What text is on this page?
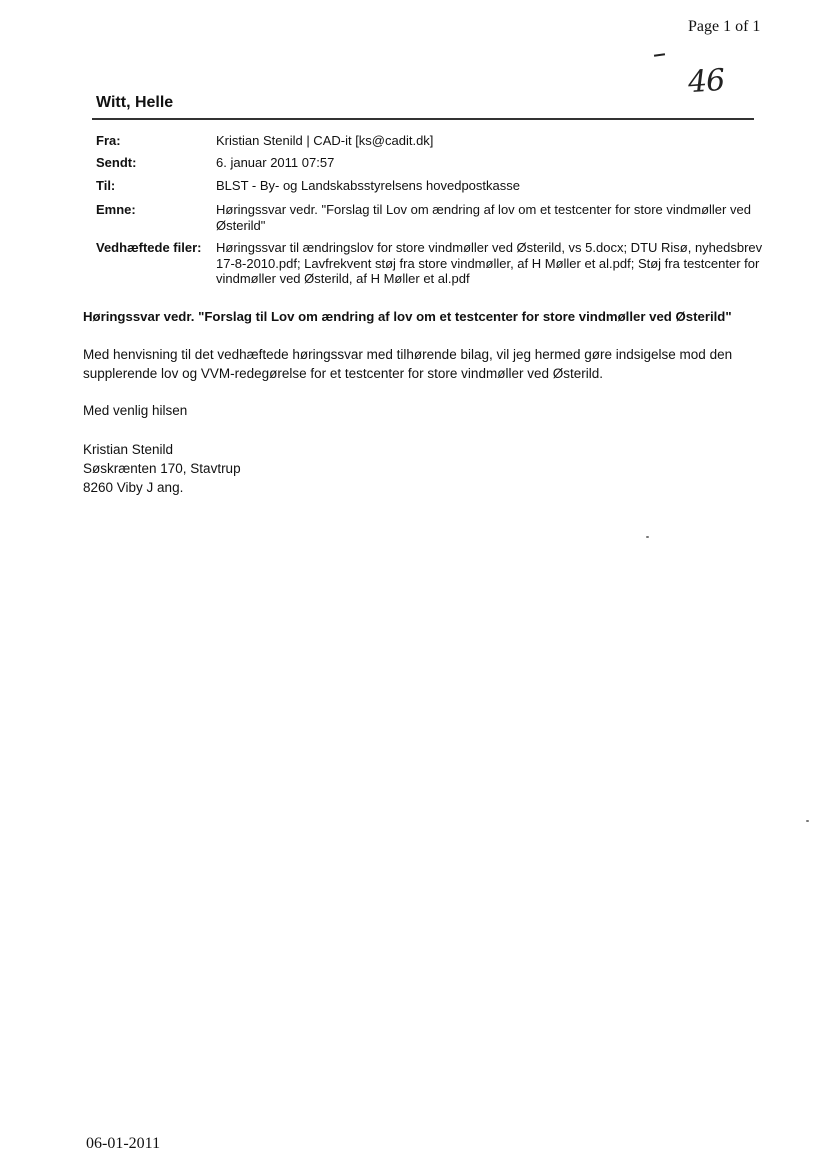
Page 1 of 1
46
Witt, Helle
Fra:	Kristian Stenild | CAD-it [ks@cadit.dk]
Sendt:	6. januar 2011 07:57
Til:	BLST - By- og Landskabsstyrelsens hovedpostkasse
Emne:	Høringssvar vedr. "Forslag til Lov om ændring af lov om et testcenter for store vindmøller ved Østerild"
Vedhæftede filer:	Høringssvar til ændringslov for store vindmøller ved Østerild, vs 5.docx; DTU Risø, nyhedsbrev 17-8-2010.pdf; Lavfrekvent støj fra store vindmøller, af H Møller et al.pdf; Støj fra testcenter for vindmøller ved Østerild, af H Møller et al.pdf
Høringssvar vedr. "Forslag til Lov om ændring af lov om et testcenter for store vindmøller ved Østerild"
Med henvisning til det vedhæftede høringssvar med tilhørende bilag, vil jeg hermed gøre indsigelse mod den
supplerende lov og VVM-redegørelse for et testcenter for store vindmøller ved Østerild.
Med venlig hilsen
Kristian Stenild
Søskrænten 170, Stavtrup
8260 Viby J ang.
06-01-2011
